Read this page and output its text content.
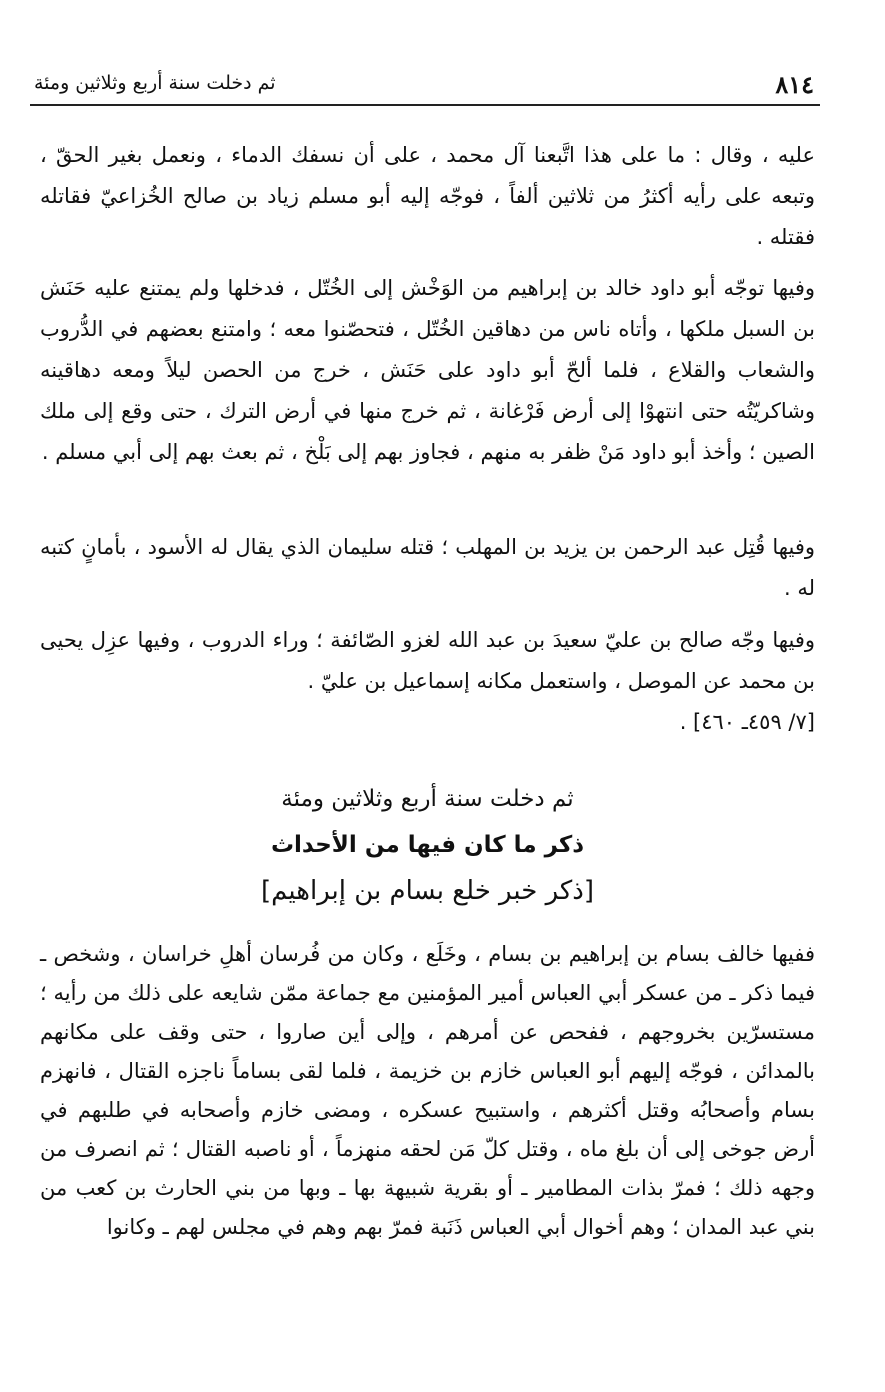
٨١٤
ثم دخلت سنة أربع وثلاثين ومئة

عليه ، وقال : ما على هذا اتَّبعنا آل محمد ، على أن نسفك الدماء ، ونعمل بغير الحقّ ، وتبعه على رأيه أكثرُ من ثلاثين ألفاً ، فوجّه إليه أبو مسلم زياد بن صالح الخُزاعيّ فقاتله فقتله .

وفيها توجّه أبو داود خالد بن إبراهيم من الوَخْش إلى الخُتّل ، فدخلها ولم يمتنع عليه حَنَش بن السبل ملكها ، وأتاه ناس من دهاقين الخُتّل ، فتحصّنوا معه ؛ وامتنع بعضهم في الدُّروب والشعاب والقلاع ، فلما ألحّ أبو داود على حَنَش ، خرج من الحصن ليلاً ومعه دهاقينه وشاكريّتُه حتى انتهوْا إلى أرض فَرْغانة ، ثم خرج منها في أرض الترك ، حتى وقع إلى ملك الصين ؛ وأخذ أبو داود مَنْ ظفر به منهم ، فجاوز بهم إلى بَلْخ ، ثم بعث بهم إلى أبي مسلم .

وفيها قُتِل عبد الرحمن بن يزيد بن المهلب ؛ قتله سليمان الذي يقال له الأسود ، بأمانٍ كتبه له .

وفيها وجّه صالح بن عليّ سعيدَ بن عبد الله لغزو الصّائفة ؛ وراء الدروب ، وفيها عزِل يحيى بن محمد عن الموصل ، واستعمل مكانه إسماعيل بن عليّ .

[٧/ ٤٥٩ـ ٤٦٠] .
ثم دخلت سنة أربع وثلاثين ومئة
ذكر ما كان فيها من الأحداث
[ذكر خبر خلع بسام بن إبراهيم]

ففيها خالف بسام بن إبراهيم بن بسام ، وخَلَع ، وكان من فُرسان أهلِ خراسان ، وشخص ـ فيما ذكر ـ من عسكر أبي العباس أمير المؤمنين مع جماعة ممّن شايعه على ذلك من رأيه ؛ مستسرّين بخروجهم ، ففحص عن أمرهم ، وإلى أين صاروا ، حتى وقف على مكانهم بالمدائن ، فوجّه إليهم أبو العباس خازم بن خزيمة ، فلما لقى بساماً ناجزه القتال ، فانهزم بسام وأصحابُه وقتل أكثرهم ، واستبيح عسكره ، ومضى خازم وأصحابه في طلبهم في أرض جوخى إلى أن بلغ ماه ، وقتل كلّ مَن لحقه منهزماً ، أو ناصبه القتال ؛ ثم انصرف من وجهه ذلك ؛ فمرّ بذات المطامير ـ أو بقرية شبيهة بها ـ وبها من بني الحارث بن كعب من بني عبد المدان ؛ وهم أخوال أبي العباس ذَنَبة فمرّ بهم وهم في مجلس لهم ـ وكانوا
